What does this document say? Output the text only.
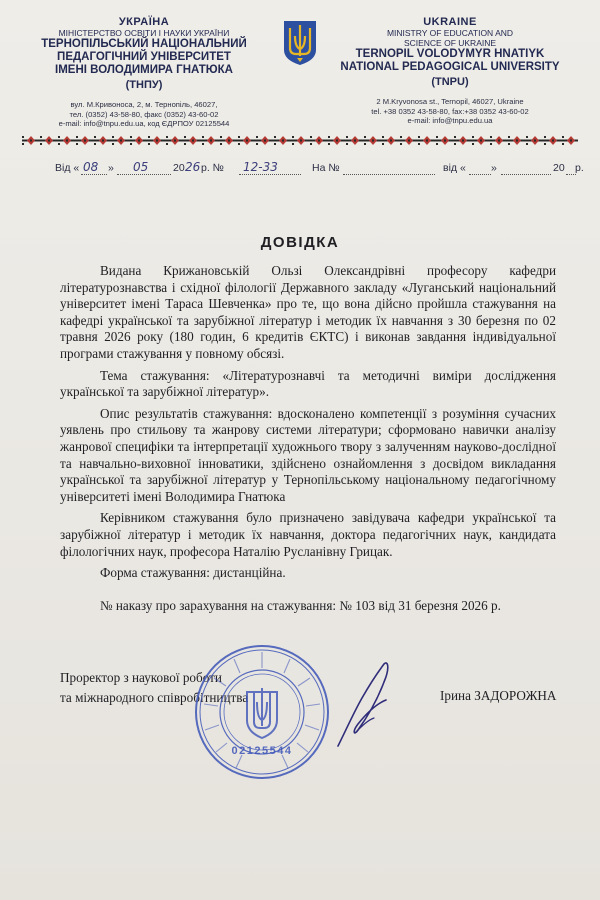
УКРАЇНА
МІНІСТЕРСТВО ОСВІТИ І НАУКИ УКРАЇНИ
ТЕРНОПІЛЬСЬКИЙ НАЦІОНАЛЬНИЙ
ПЕДАГОГІЧНИЙ УНІВЕРСИТЕТ
ІМЕНІ ВОЛОДИМИРА ГНАТЮКА
(ТНПУ)
вул. М.Кривоноса, 2, м. Тернопіль, 46027,
тел. (0352) 43-58-80, факс (0352) 43-60-02
e-mail: info@tnpu.edu.ua, код ЄДРПОУ 02125544
UKRAINE
MINISTRY OF EDUCATION AND
SCIENCE OF UKRAINE
TERNOPIL VOLODYMYR HNATIYK
NATIONAL PEDAGOGICAL UNIVERSITY
(TNPU)
2 M.Kryvonosa st., Ternopil, 46027, Ukraine
tel. +38 0352 43-58-80, fax:+38 0352 43-60-02
e-mail: info@tnpu.edu.ua
Від « 08 » 05 20 26 р. № 12-33	На №	від « »	20 р.
ДОВІДКА

Видана Крижановській Ользі Олександрівні професору кафедри літературознавства і східної філології Державного закладу «Луганський національний університет імені Тараса Шевченка» про те, що вона дійсно пройшла стажування на кафедрі української та зарубіжної літератур і методик їх навчання з 30 березня по 02 травня 2026 року (180 годин, 6 кредитів ЄКТС) і виконав завдання індивідуальної програми стажування у повному обсязі.

Тема стажування: «Літературознавчі та методичні виміри дослідження української та зарубіжної літератур».

Опис результатів стажування: вдосконалено компетенції з розуміння сучасних уявлень про стильову та жанрову системи літератури; сформовано навички аналізу жанрової специфіки та інтерпретації художнього твору з залученням науково-дослідної та навчально-виховної інноватики, здійснено ознайомлення з досвідом викладання української та зарубіжної літератур у Тернопільському національному педагогічному університеті імені Володимира Гнатюка

Керівником стажування було призначено завідувача кафедри української та зарубіжної літератур і методик їх навчання, доктора педагогічних наук, кандидата філологічних наук, професора Наталію Русланівну Грицак.

Форма стажування: дистанційна.

№ наказу про зарахування на стажування: № 103 від 31 березня 2026 р.

Проректор з наукової роботи
та міжнародного співробітництва
02125544
Ірина ЗАДОРОЖНА
